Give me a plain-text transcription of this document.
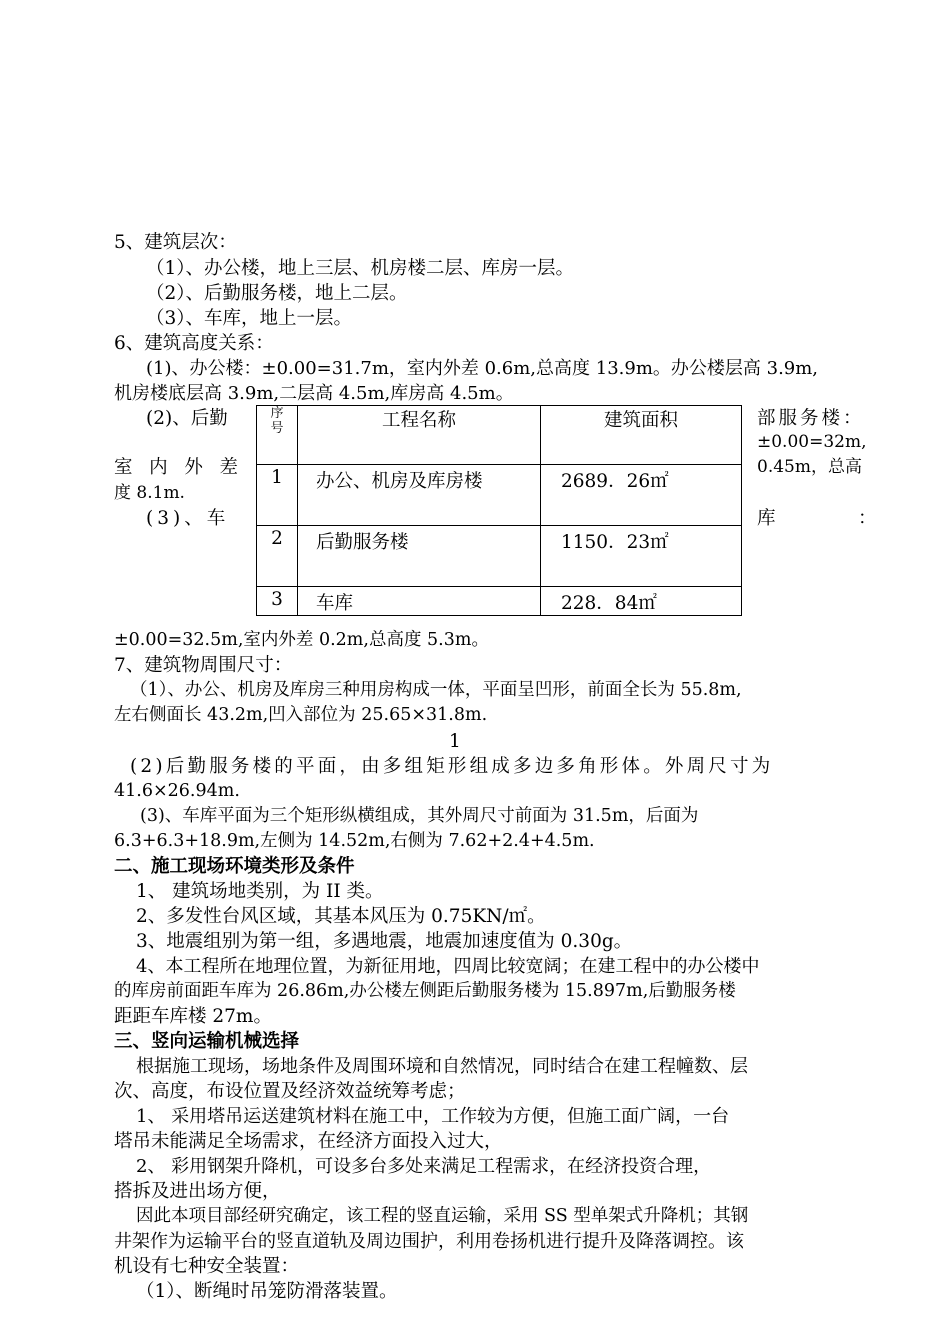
5、建筑层次：
（1）、办公楼，地上三层、机房楼二层、库房一层。
（2）、后勤服务楼，地上二层。
（3）、车库，地上一层。
6、建筑高度关系：
(1)、办公楼：±0.00=31.7m，室内外差 0.6m,总高度 13.9m。办公楼层高 3.9m,
机房楼底层高 3.9m,二层高 4.5m,库房高 4.5m。
(2)、后勤	部服务楼：
±0.00=32m,
室内外差	0.45m，总高
度 8.1m.
(3)、车	库	：
序号	工程名称	建筑面积
1	办公、机房及库房楼	2689．26㎡
2	后勤服务楼	1150．23㎡
3	车库	228．84㎡
±0.00=32.5m,室内外差 0.2m,总高度 5.3m。
7、建筑物周围尺寸：
（1）、办公、机房及库房三种用房构成一体，平面呈凹形，前面全长为 55.8m,
左右侧面长 43.2m,凹入部位为 25.65×31.8m.
1
(2)后勤服务楼的平面，由多组矩形组成多边多角形体。外周尺寸为
41.6×26.94m.
(3)、车库平面为三个矩形纵横组成，其外周尺寸前面为 31.5m，后面为
6.3+6.3+18.9m,左侧为 14.52m,右侧为 7.62+2.4+4.5m.
二、施工现场环境类形及条件
1、 建筑场地类别，为 II 类。
2、多发性台风区域，其基本风压为 0.75KN/㎡。
3、地震组别为第一组，多遇地震，地震加速度值为 0.30g。
4、本工程所在地理位置，为新征用地，四周比较宽阔；在建工程中的办公楼中
的库房前面距车库为 26.86m,办公楼左侧距后勤服务楼为 15.897m,后勤服务楼
距距车库楼 27m。
三、竖向运输机械选择
根据施工现场，场地条件及周围环境和自然情况，同时结合在建工程幢数、层
次、高度，布设位置及经济效益统筹考虑；
1、 采用塔吊运送建筑材料在施工中，工作较为方便，但施工面广阔，一台
塔吊未能满足全场需求，在经济方面投入过大，
2、 彩用钢架升降机，可设多台多处来满足工程需求，在经济投资合理，
搭拆及进出场方便，
因此本项目部经研究确定，该工程的竖直运输，采用 SS 型单架式升降机；其钢
井架作为运输平台的竖直道轨及周边围护，利用卷扬机进行提升及降落调控。该
机设有七种安全装置：
（1）、断绳时吊笼防滑落装置。
